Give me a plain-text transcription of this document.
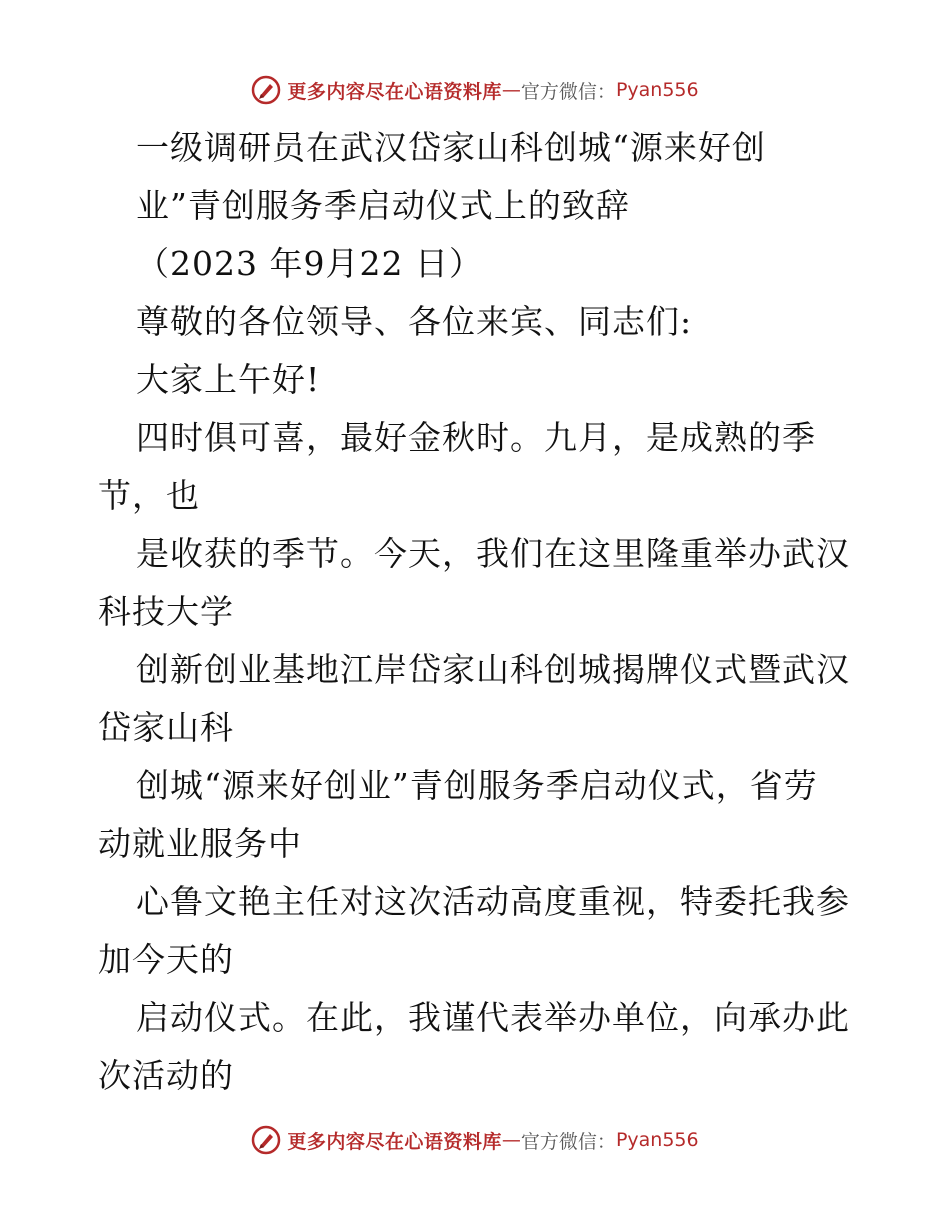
更多内容尽在心语资料库 — 官方微信： Pyan556
一级调研员在武汉岱家山科创城“源来好创
业”青创服务季启动仪式上的致辞
（2023 年9月22 日）
尊敬的各位领导、各位来宾、同志们:
大家上午好!
四时俱可喜，最好金秋时。九月，是成熟的季
节，也
是收获的季节。今天，我们在这里隆重举办武汉
科技大学
创新创业基地江岸岱家山科创城揭牌仪式暨武汉
岱家山科
创城“源来好创业”青创服务季启动仪式，省劳
动就业服务中
心鲁文艳主任对这次活动高度重视，特委托我参
加今天的
启动仪式。在此，我谨代表举办单位，向承办此
次活动的
更多内容尽在心语资料库 — 官方微信： Pyan556
